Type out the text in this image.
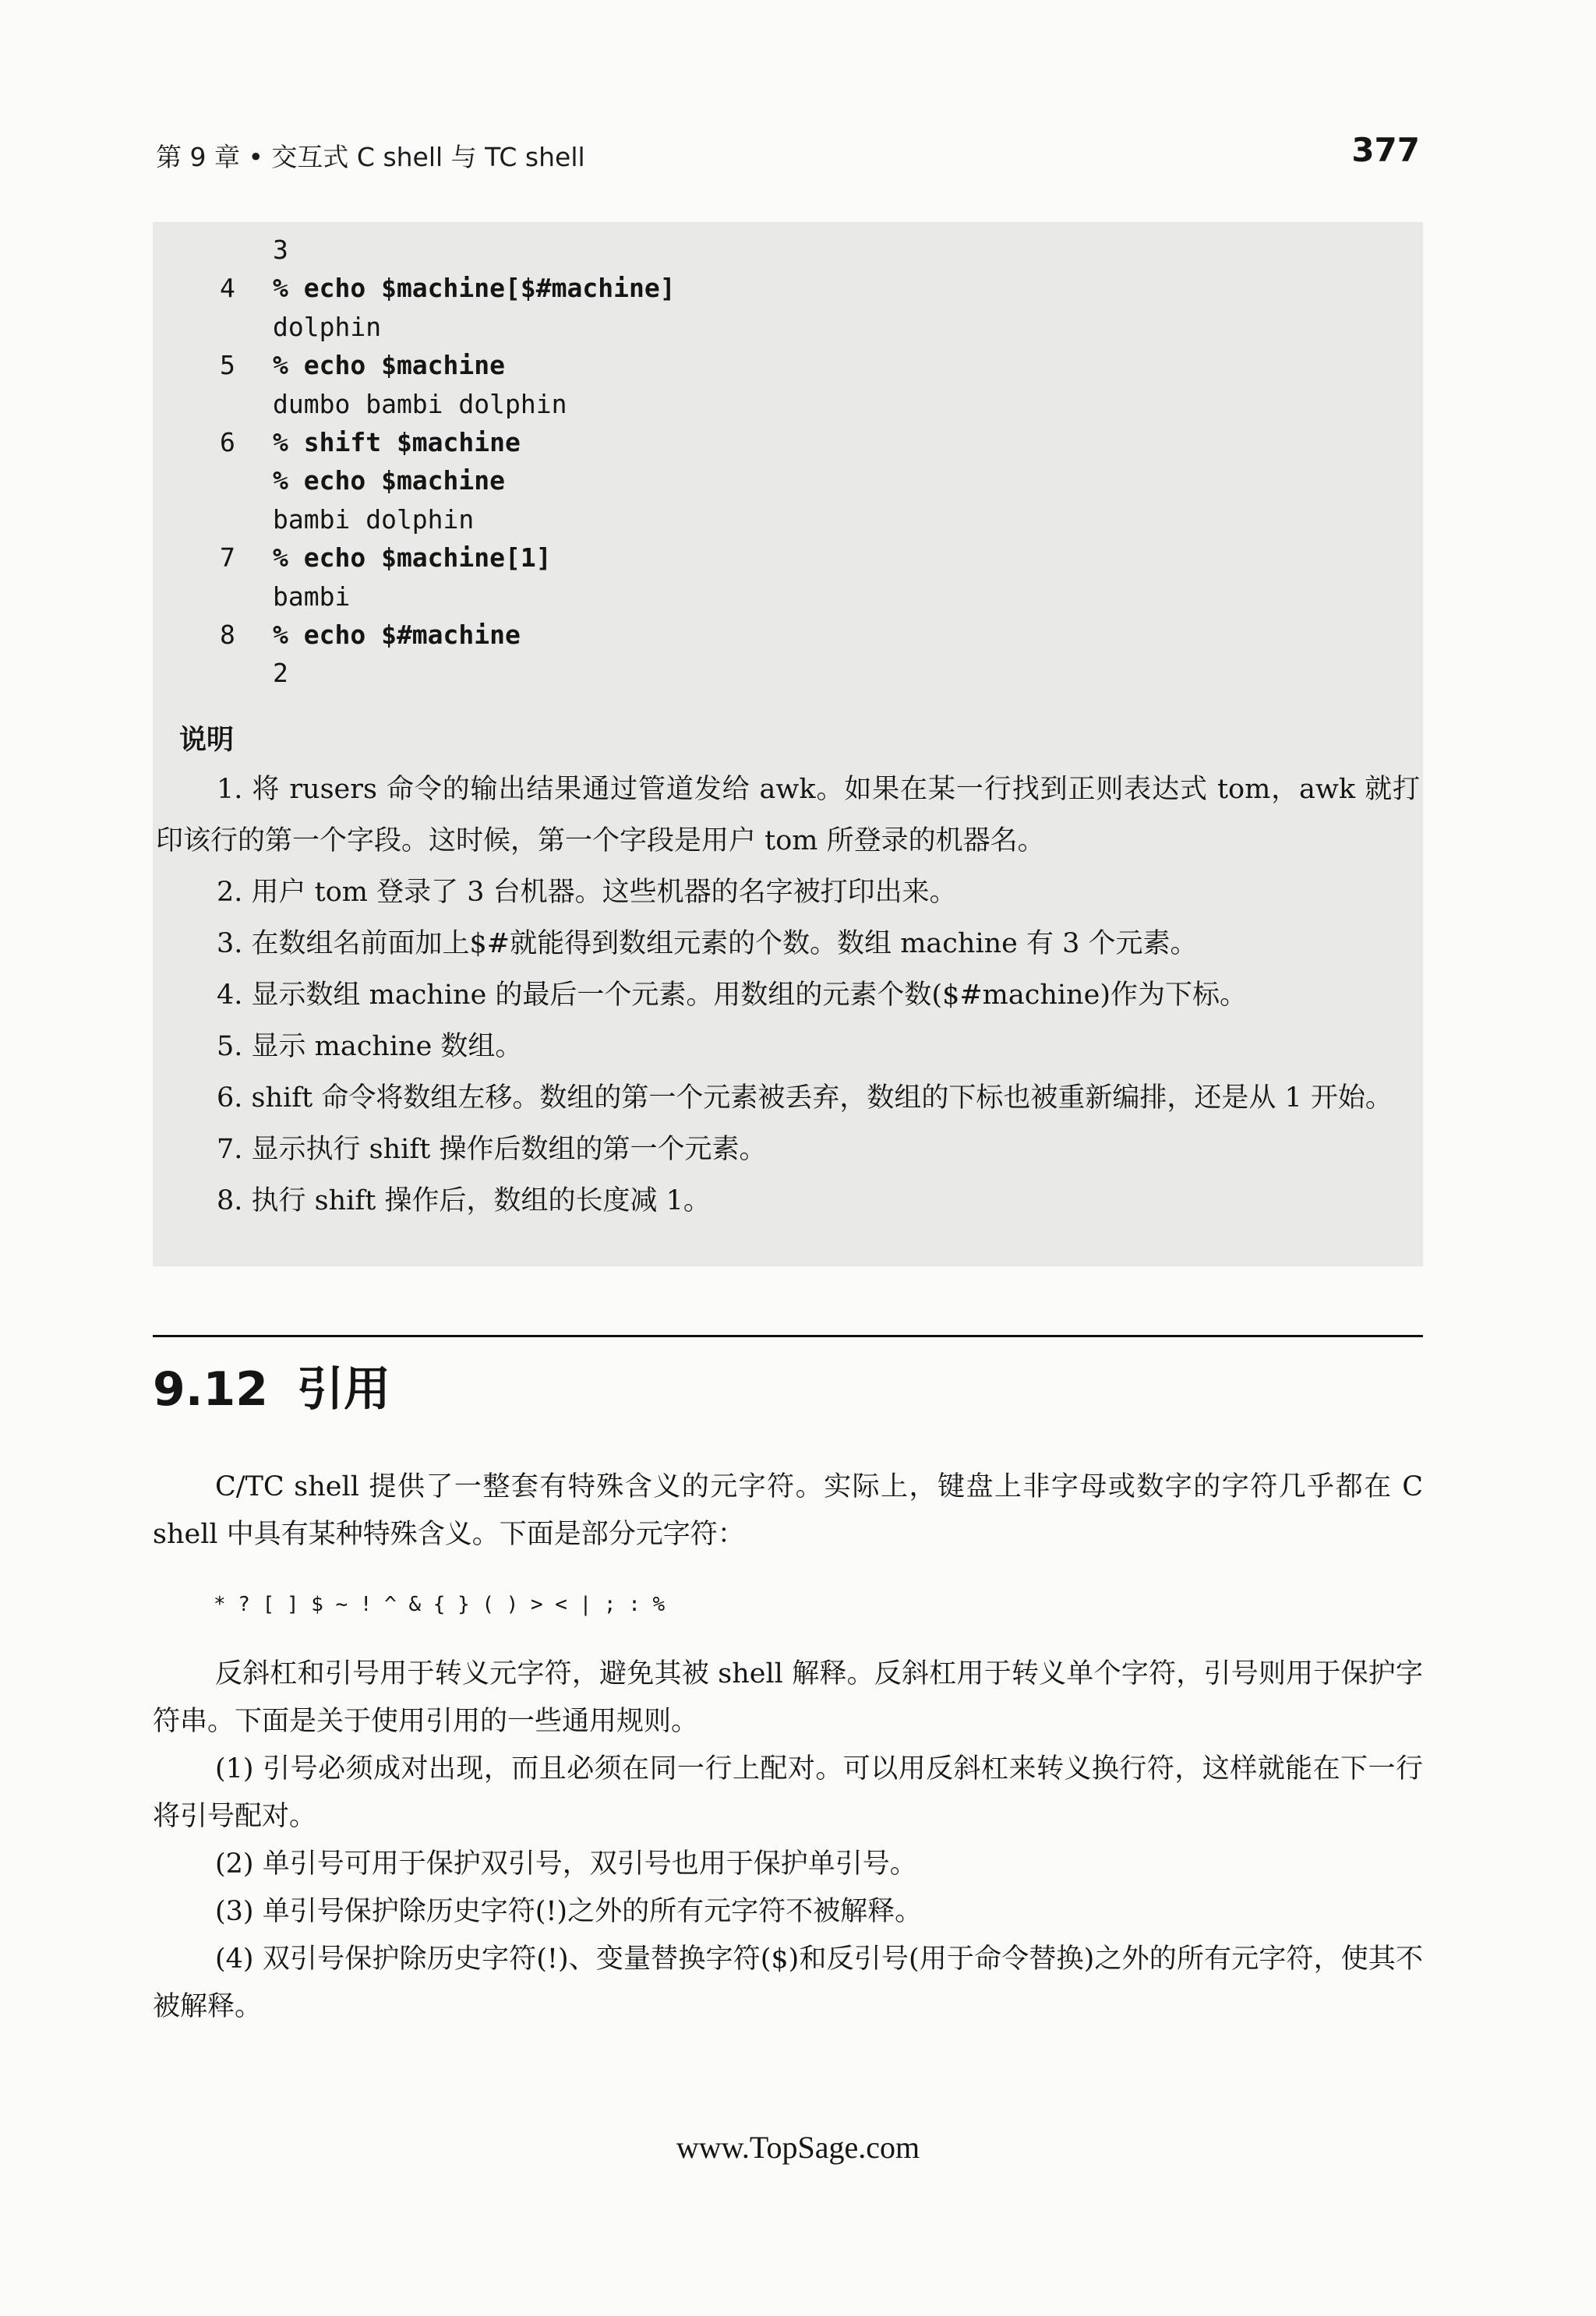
第 9 章 • 交互式 C shell 与 TC shell	377
3
4 % echo $machine[$#machine]
dolphin
5 % echo $machine
dumbo bambi dolphin
6 % shift $machine
% echo $machine
bambi dolphin
7 % echo $machine[1]
bambi
8 % echo $#machine
2
说明

1. 将 rusers 命令的输出结果通过管道发给 awk。如果在某一行找到正则表达式 tom，awk 就打印该行的第一个字段。这时候，第一个字段是用户 tom 所登录的机器名。

2. 用户 tom 登录了 3 台机器。这些机器的名字被打印出来。

3. 在数组名前面加上$#就能得到数组元素的个数。数组 machine 有 3 个元素。

4. 显示数组 machine 的最后一个元素。用数组的元素个数($#machine)作为下标。

5. 显示 machine 数组。

6. shift 命令将数组左移。数组的第一个元素被丢弃，数组的下标也被重新编排，还是从 1 开始。

7. 显示执行 shift 操作后数组的第一个元素。

8. 执行 shift 操作后，数组的长度减 1。

9.12 引用

C/TC shell 提供了一整套有特殊含义的元字符。实际上，键盘上非字母或数字的字符几乎都在 C shell 中具有某种特殊含义。下面是部分元字符：

* ? [ ] $ ~ ! ^ & { } ( ) > < | ; : %

反斜杠和引号用于转义元字符，避免其被 shell 解释。反斜杠用于转义单个字符，引号则用于保护字符串。下面是关于使用引用的一些通用规则。

(1) 引号必须成对出现，而且必须在同一行上配对。可以用反斜杠来转义换行符，这样就能在下一行将引号配对。

(2) 单引号可用于保护双引号，双引号也用于保护单引号。

(3) 单引号保护除历史字符(!)之外的所有元字符不被解释。

(4) 双引号保护除历史字符(!)、变量替换字符($)和反引号(用于命令替换)之外的所有元字符，使其不被解释。

www.TopSage.com
